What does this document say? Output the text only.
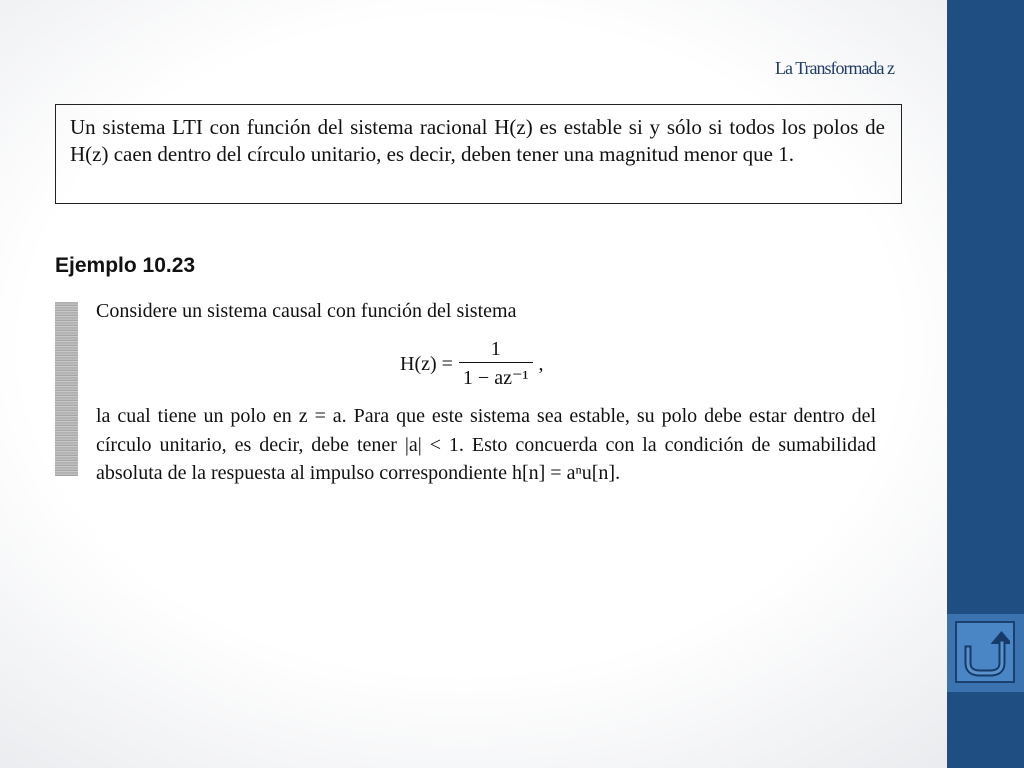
La Transformada z
Un sistema LTI con función del sistema racional H(z) es estable si y sólo si todos los polos de H(z) caen dentro del círculo unitario, es decir, deben tener una magnitud menor que 1.
Ejemplo 10.23
Considere un sistema causal con función del sistema
$H(z) = \frac{1}{\text{1 − az⁻¹}}$ ,
la cual tiene un polo en z = a. Para que este sistema sea estable, su polo debe estar dentro del círculo unitario, es decir, debe tener |a| < 1. Esto concuerda con la condición de sumabilidad absoluta de la respuesta al impulso correspondiente h[n] = aⁿu[n].
